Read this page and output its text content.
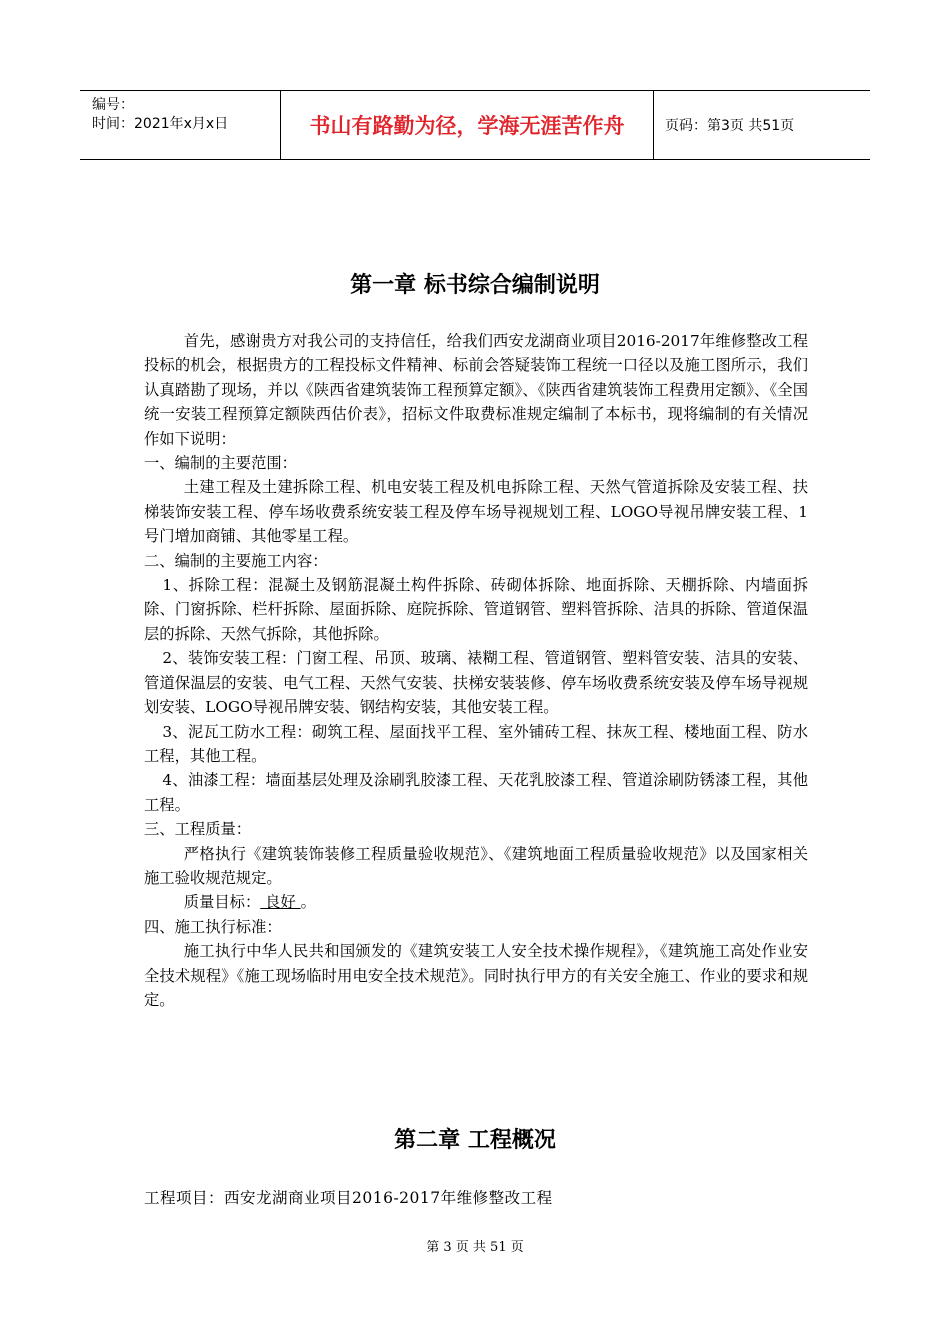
编号：
时间：2021年x月x日	书山有路勤为径，学海无涯苦作舟	页码：第3页 共51页
第一章 标书综合编制说明

首先，感谢贵方对我公司的支持信任，给我们西安龙湖商业项目2016-2017年维修整改工程投标的机会，根据贵方的工程投标文件精神、标前会答疑装饰工程统一口径以及施工图所示，我们认真踏勘了现场，并以《陕西省建筑装饰工程预算定额》、《陕西省建筑装饰工程费用定额》、《全国统一安装工程预算定额陕西估价表》，招标文件取费标准规定编制了本标书，现将编制的有关情况作如下说明：

一、编制的主要范围：

土建工程及土建拆除工程、机电安装工程及机电拆除工程、天然气管道拆除及安装工程、扶梯装饰安装工程、停车场收费系统安装工程及停车场导视规划工程、LOGO导视吊牌安装工程、1号门增加商铺、其他零星工程。

二、编制的主要施工内容：

1、拆除工程：混凝土及钢筋混凝土构件拆除、砖砌体拆除、地面拆除、天棚拆除、内墙面拆除、门窗拆除、栏杆拆除、屋面拆除、庭院拆除、管道钢管、塑料管拆除、洁具的拆除、管道保温层的拆除、天然气拆除，其他拆除。

2、装饰安装工程：门窗工程、吊顶、玻璃、裱糊工程、管道钢管、塑料管安装、洁具的安装、管道保温层的安装、电气工程、天然气安装、扶梯安装装修、停车场收费系统安装及停车场导视规划安装、LOGO导视吊牌安装、钢结构安装，其他安装工程。

3、泥瓦工防水工程：砌筑工程、屋面找平工程、室外铺砖工程、抹灰工程、楼地面工程、防水工程，其他工程。

4、油漆工程：墙面基层处理及涂刷乳胶漆工程、天花乳胶漆工程、管道涂刷防锈漆工程，其他工程。

三、工程质量：

严格执行《建筑装饰装修工程质量验收规范》、《建筑地面工程质量验收规范》以及国家相关施工验收规范规定。

质量目标： 良好 。

四、施工执行标准：

施工执行中华人民共和国颁发的《建筑安装工人安全技术操作规程》，《建筑施工高处作业安全技术规程》《施工现场临时用电安全技术规范》。同时执行甲方的有关安全施工、作业的要求和规定。

第二章 工程概况
工程项目：西安龙湖商业项目2016-2017年维修整改工程
第 3 页 共 51 页
